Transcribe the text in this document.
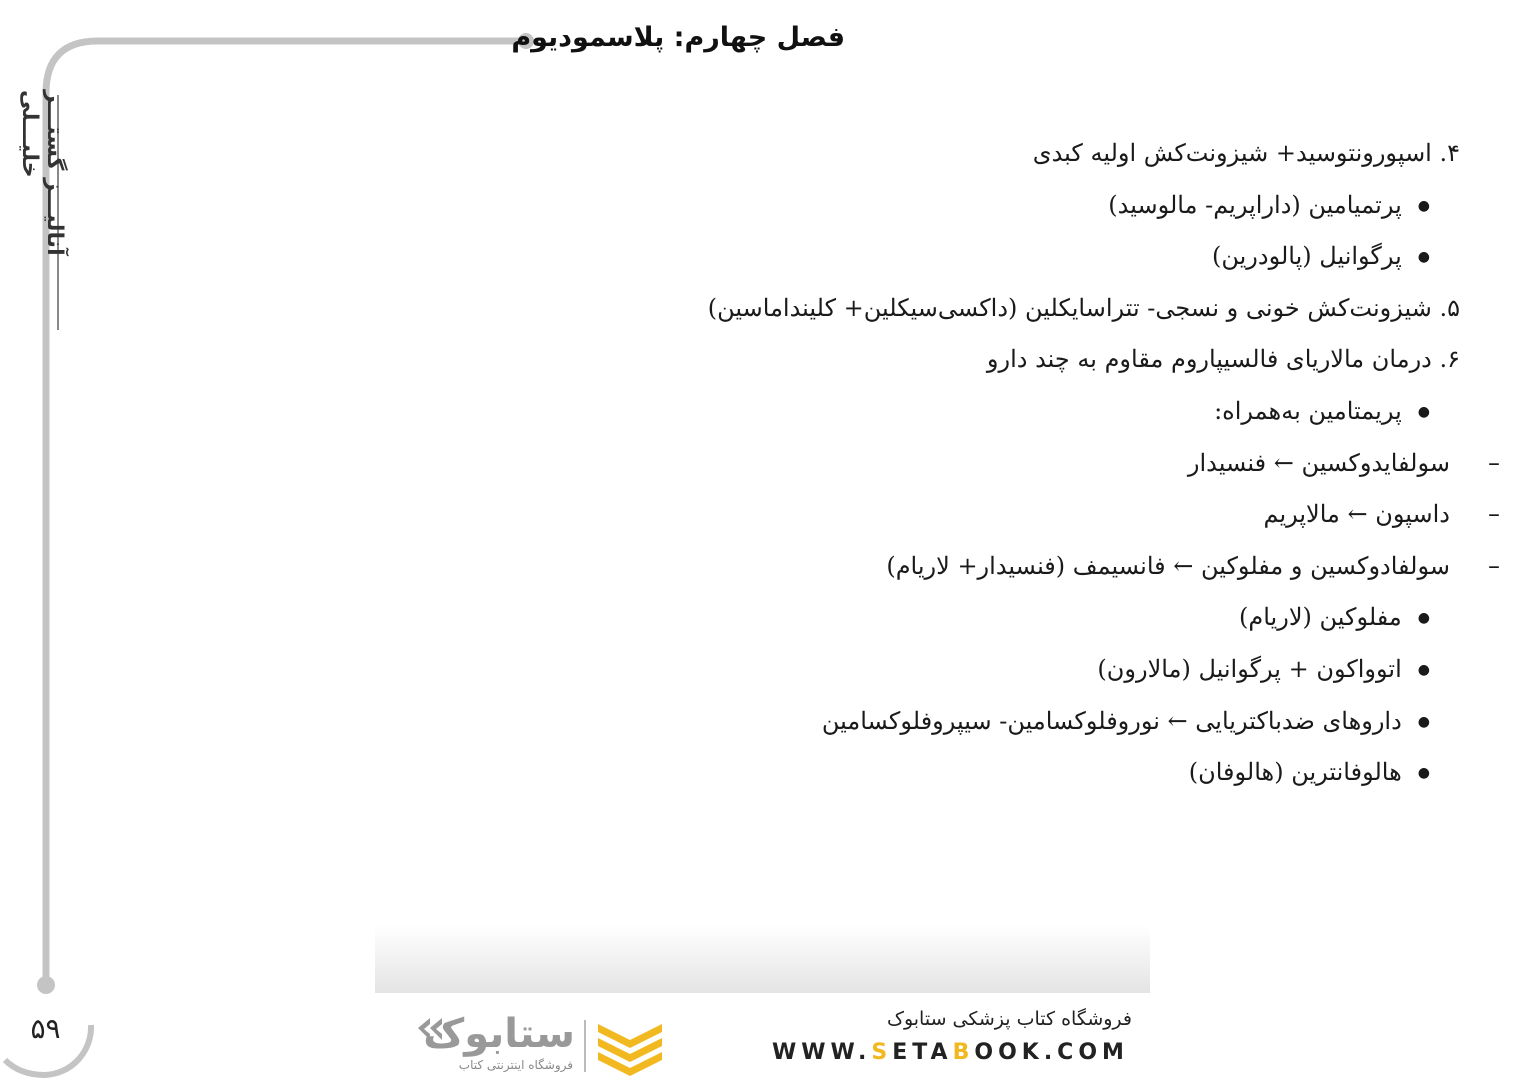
فصل چهارم: پلاسمودیوم
آنالیـــز گستـــر خلیـــلی
۵۹
۴. اسپورونتوسید+ شیزونت‌کش اولیه کبدی
● پرتمیامین (داراپریم- مالوسید)
● پرگوانیل (پالودرین)
۵. شیزونت‌کش خونی و نسجی- تتراسایکلین (داکسی‌سیکلین+ کلینداماسین)
۶. درمان مالاریای فالسیپاروم مقاوم به چند دارو
● پریمتامین به‌همراه:
–
سولفایدوکسین ← فنسیدار
–
داسپون ← مالاپریم
–
سولفادوکسین و مفلوکین ← فانسیمف (فنسیدار+ لاریام)
● مفلوکین (لاریام)
● اتوواکون + پرگوانیل (مالارون)
● داروهای ضدباکتریایی ← نوروفلوکسامین- سیپروفلوکسامین
● هالوفانترین (هالوفان)
فروشگاه کتاب پزشکی ستابوک
WWW.SETABOOK.COM
ستابوک
فروشگاه اینترنتی کتاب
